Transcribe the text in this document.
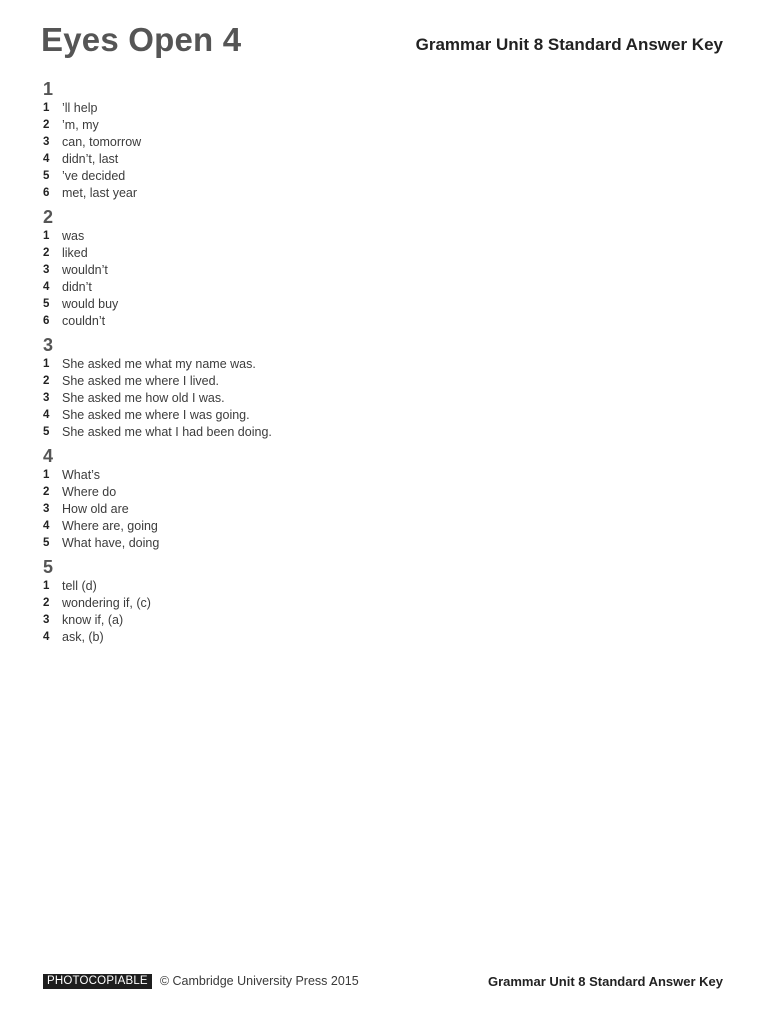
Eyes Open 4	Grammar Unit 8 Standard Answer Key
1
1	’ll help
2	’m, my
3	can, tomorrow
4	didn’t, last
5	’ve decided
6	met, last year
2
1	was
2	liked
3	wouldn’t
4	didn’t
5	would buy
6	couldn’t
3
1	She asked me what my name was.
2	She asked me where I lived.
3	She asked me how old I was.
4	She asked me where I was going.
5	She asked me what I had been doing.
4
1	What’s
2	Where do
3	How old are
4	Where are, going
5	What have, doing
5
1	tell (d)
2	wondering if, (c)
3	know if, (a)
4	ask, (b)
PHOTOCOPIABLE © Cambridge University Press 2015	Grammar Unit 8 Standard Answer Key
